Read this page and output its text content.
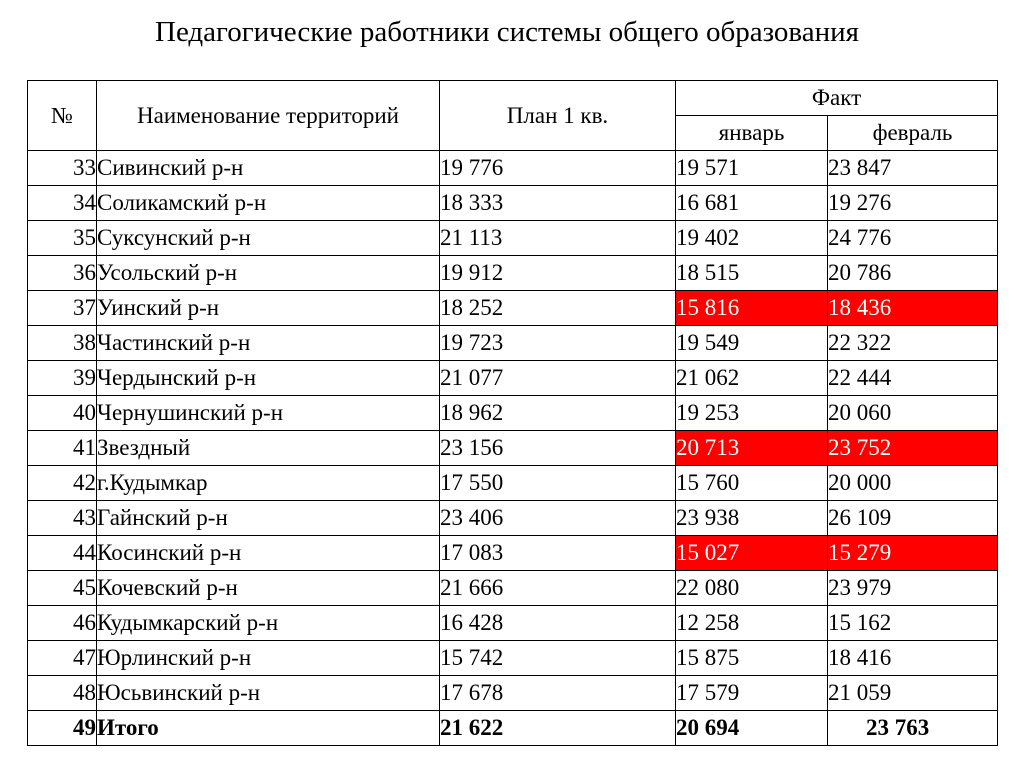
Педагогические работники системы общего образования
№	Наименование территорий	План 1 кв.	Факт	
			январь	февраль
33	Сивинский р-н	19 776	19 571	23 847
34	Соликамский р-н	18 333	16 681	19 276
35	Суксунский р-н	21 113	19 402	24 776
36	Усольский р-н	19 912	18 515	20 786
37	Уинский р-н	18 252	15 816	18 436
38	Частинский р-н	19 723	19 549	22 322
39	Чердынский р-н	21 077	21 062	22 444
40	Чернушинский р-н	18 962	19 253	20 060
41	Звездный	23 156	20 713	23 752
42	г.Кудымкар	17 550	15 760	20 000
43	Гайнский р-н	23 406	23 938	26 109
44	Косинский р-н	17 083	15 027	15 279
45	Кочевский р-н	21 666	22 080	23 979
46	Кудымкарский р-н	16 428	12 258	15 162
47	Юрлинский р-н	15 742	15 875	18 416
48	Юсьвинский р-н	17 678	17 579	21 059
49	Итого	21 622	20 694	23 763
